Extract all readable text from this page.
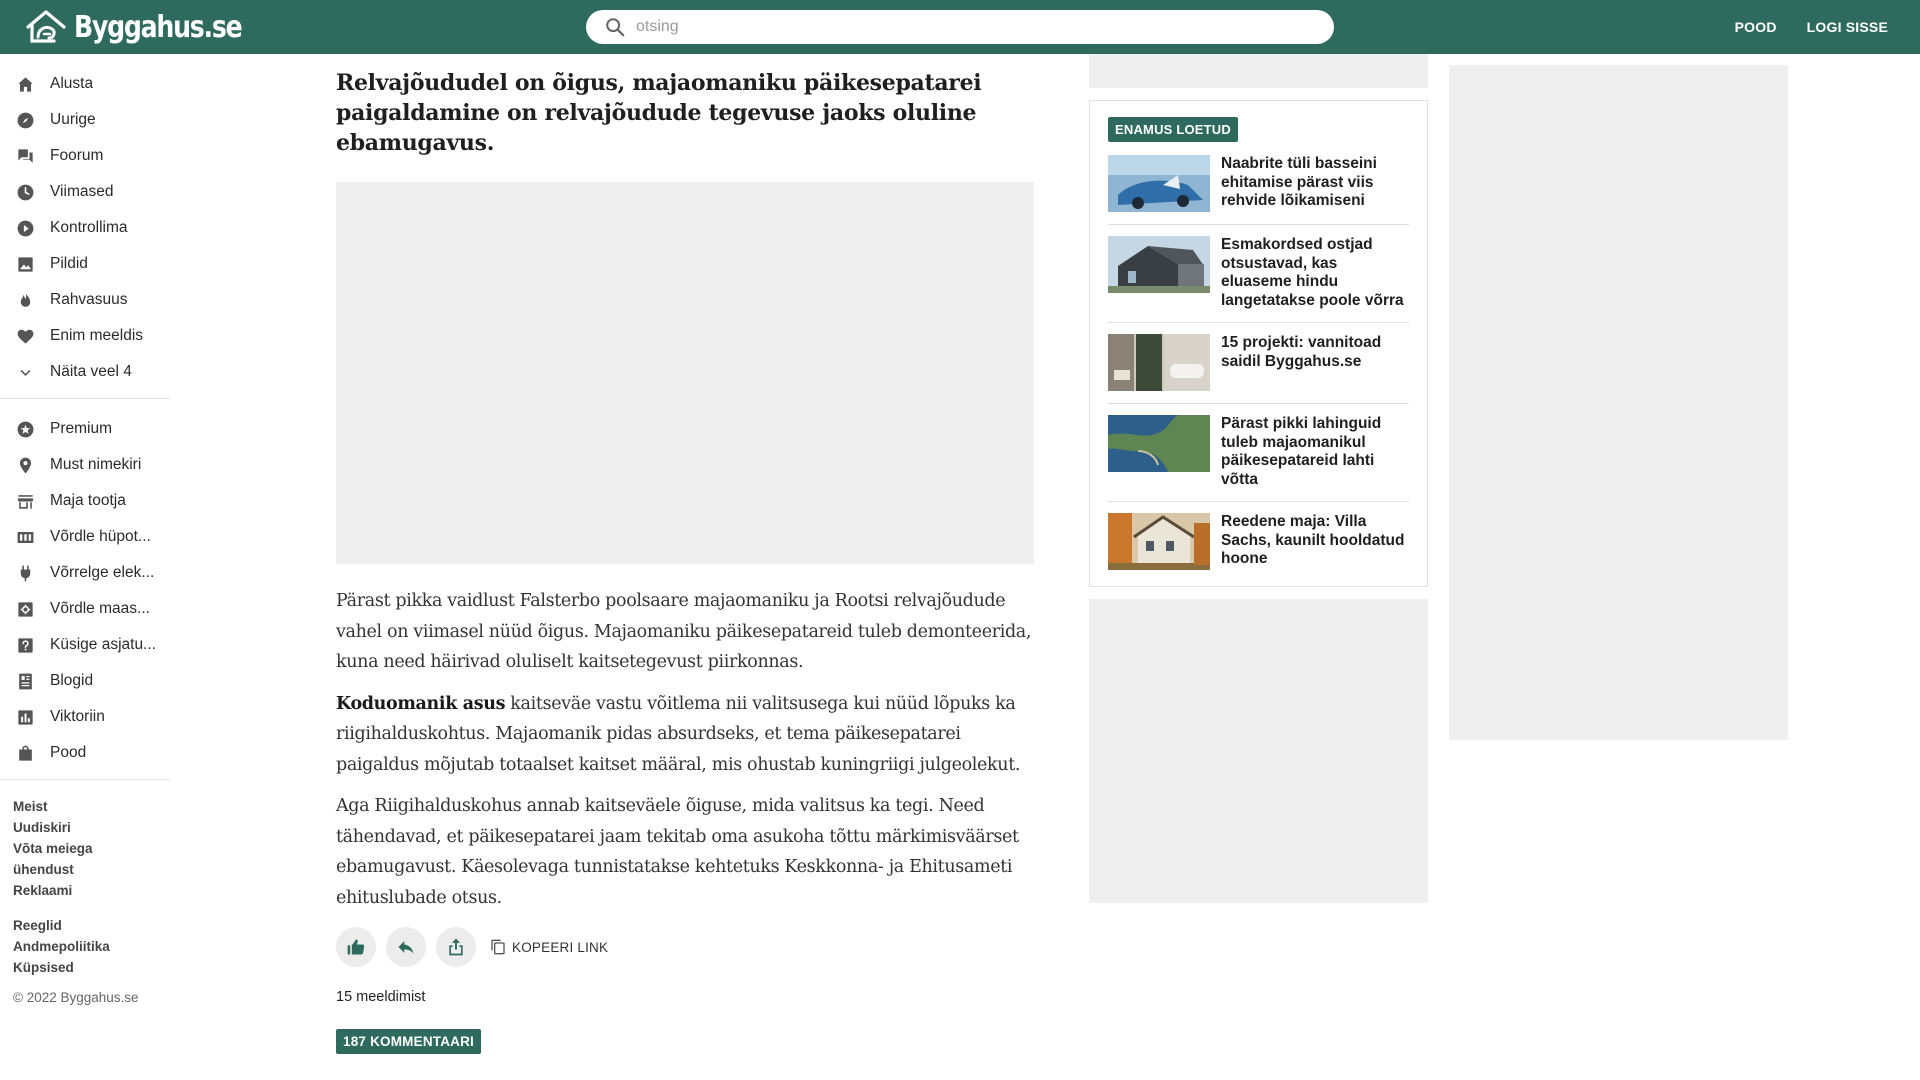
Byggahus.se
otsing	POOD LOGI SISSE
Alusta
Uurige
Foorum
Viimased
Kontrollima
Pildid
Rahvasuus
Enim meeldis
Näita veel 4
Premium
Must nimekiri
Maja tootja
Võrdle hüpot...
Võrrelge elek...
Võrdle maas...
Küsige asjatu...
Blogid
Viktoriin
Pood
Meist
Uudiskiri
Võta meiega
ühendust
Reklaami
Reeglid
Andmepoliitika
Küpsised
© 2022 Byggahus.se
Relvajõududel on õigus, majaomaniku päikesepatarei paigaldamine on relvajõudude tegevuse jaoks oluline ebamugavus.

Pärast pikka vaidlust Falsterbo poolsaare majaomaniku ja Rootsi relvajõudude vahel on viimasel nüüd õigus. Majaomaniku päikesepatareid tuleb demonteerida, kuna need häirivad oluliselt kaitsetegevust piirkonnas.

Koduomanik asus kaitseväe vastu võitlema nii valitsusega kui nüüd lõpuks ka riigihalduskohtus. Majaomanik pidas absurdseks, et tema päikesepatarei paigaldus mõjutab totaalset kaitset määral, mis ohustab kuningriigi julgeolekut.

Aga Riigihalduskohus annab kaitseväele õiguse, mida valitsus ka tegi. Need tähendavad, et päikesepatarei jaam tekitab oma asukoha tõttu märkimisväärset ebamugavust. Käesolevaga tunnistatakse kehtetuks Keskkonna- ja Ehitusameti ehituslubade otsus.

KOPEERI LINK
15 meeldimist
187 KOMMENTAARI
ENAMUS LOETUD
Naabrite tüli basseini ehitamise pärast viis rehvide lõikamiseni
Esmakordsed ostjad otsustavad, kas eluaseme hindu langetatakse poole võrra
15 projekti: vannitoad saidil Byggahus.se
Pärast pikki lahinguid tuleb majaomanikul päikesepatareid lahti võtta
Reedene maja: Villa Sachs, kaunilt hooldatud hoone
